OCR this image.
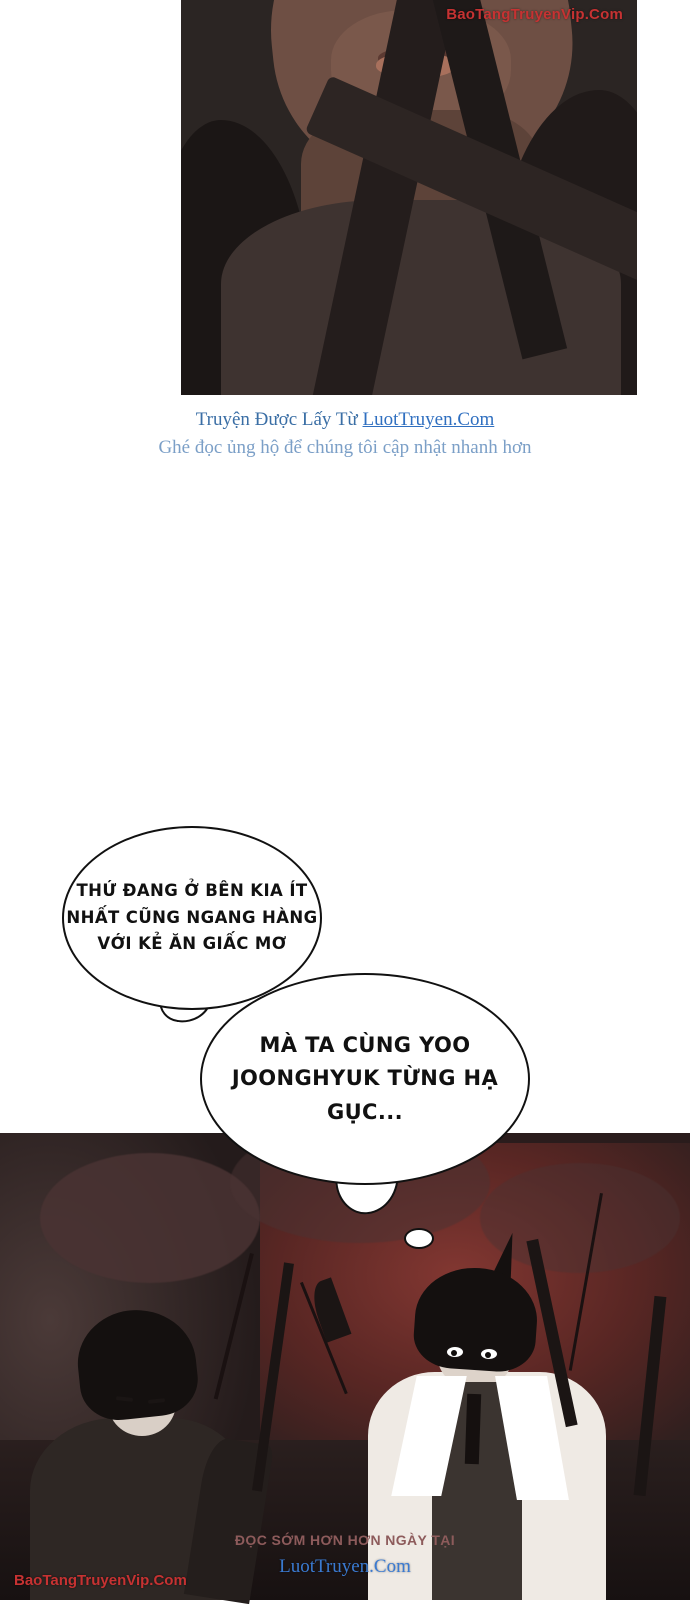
BaoTangTruyenVip.Com
Truyện Được Lấy Từ LuotTruyen.Com
Ghé đọc ủng hộ để chúng tôi cập nhật nhanh hơn
THỨ ĐANG Ở BÊN KIA ÍT NHẤT CŨNG NGANG HÀNG VỚI KẺ ĂN GIẤC MƠ
MÀ TA CÙNG YOO JOONGHYUK TỪNG HẠ GỤC...
ĐỌC SỚM HƠN HƠN NGÀY TẠI
LuotTruyen.Com
BaoTangTruyenVip.Com
